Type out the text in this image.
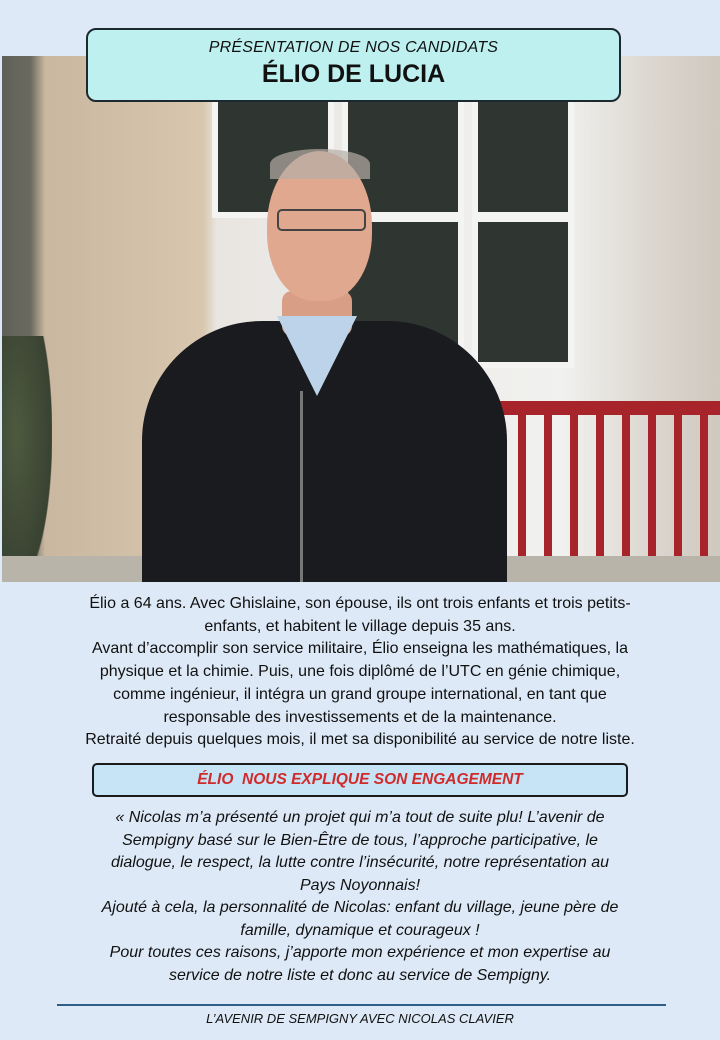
PRÉSENTATION DE NOS CANDIDATS
ÉLIO DE LUCIA
Élio a 64 ans. Avec Ghislaine, son épouse, ils ont trois enfants et trois petits-
enfants, et habitent le village depuis 35 ans.
Avant d’accomplir son service militaire, Élio enseigna les mathématiques, la
physique et la chimie. Puis, une fois diplômé de l’UTC en génie chimique,
comme ingénieur, il intégra un grand groupe international, en tant que
responsable des investissements et de la maintenance.
Retraité depuis quelques mois, il met sa disponibilité au service de notre liste.
ÉLIO  NOUS EXPLIQUE SON ENGAGEMENT
« Nicolas m’a présenté un projet qui m’a tout de suite plu! L’avenir de
Sempigny basé sur le Bien-Être de tous, l’approche participative, le
dialogue, le respect, la lutte contre l’insécurité, notre représentation au
Pays Noyonnais!
Ajouté à cela, la personnalité de Nicolas: enfant du village, jeune père de
famille, dynamique et courageux !
Pour toutes ces raisons, j’apporte mon expérience et mon expertise au
service de notre liste et donc au service de Sempigny.
L’AVENIR DE SEMPIGNY AVEC NICOLAS CLAVIER
